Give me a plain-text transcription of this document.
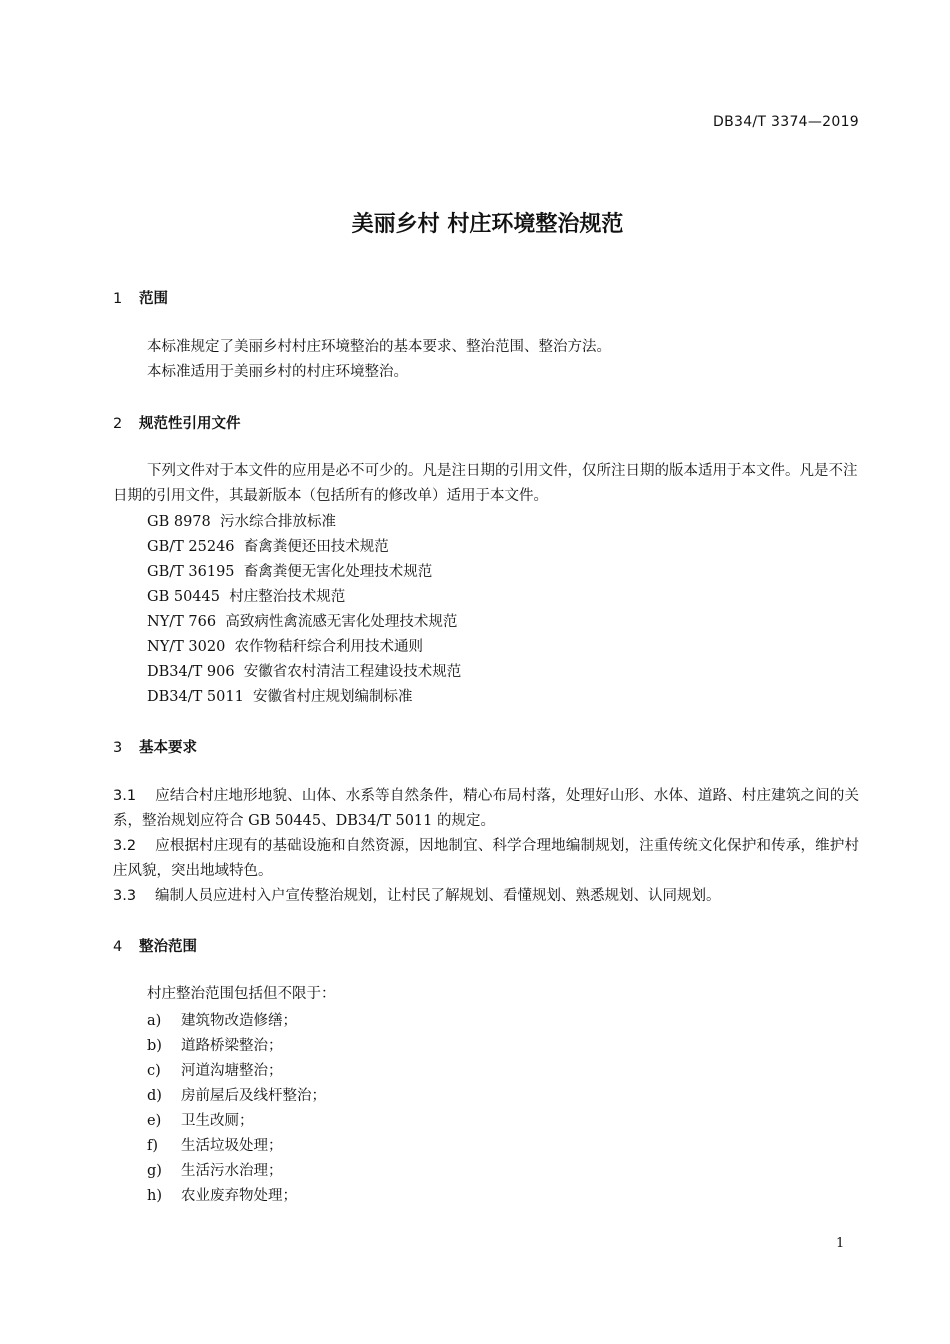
DB34/T 3374—2019
美丽乡村 村庄环境整治规范
1 范围
本标准规定了美丽乡村村庄环境整治的基本要求、整治范围、整治方法。
本标准适用于美丽乡村的村庄环境整治。
2 规范性引用文件
下列文件对于本文件的应用是必不可少的。凡是注日期的引用文件，仅所注日期的版本适用于本文件。凡是不注日期的引用文件，其最新版本（包括所有的修改单）适用于本文件。
GB 8978  污水综合排放标准
GB/T 25246  畜禽粪便还田技术规范
GB/T 36195  畜禽粪便无害化处理技术规范
GB 50445  村庄整治技术规范
NY/T 766  高致病性禽流感无害化处理技术规范
NY/T 3020  农作物秸秆综合利用技术通则
DB34/T 906  安徽省农村清洁工程建设技术规范
DB34/T 5011  安徽省村庄规划编制标准
3 基本要求
3.1 应结合村庄地形地貌、山体、水系等自然条件，精心布局村落，处理好山形、水体、道路、村庄建筑之间的关系，整治规划应符合 GB 50445、DB34/T 5011 的规定。
3.2 应根据村庄现有的基础设施和自然资源，因地制宜、科学合理地编制规划，注重传统文化保护和传承，维护村庄风貌，突出地域特色。
3.3 编制人员应进村入户宣传整治规划，让村民了解规划、看懂规划、熟悉规划、认同规划。
4 整治范围
村庄整治范围包括但不限于：
a) 建筑物改造修缮；
b) 道路桥梁整治；
c) 河道沟塘整治；
d) 房前屋后及线杆整治；
e) 卫生改厕；
f) 生活垃圾处理；
g) 生活污水治理；
h) 农业废弃物处理；
1
